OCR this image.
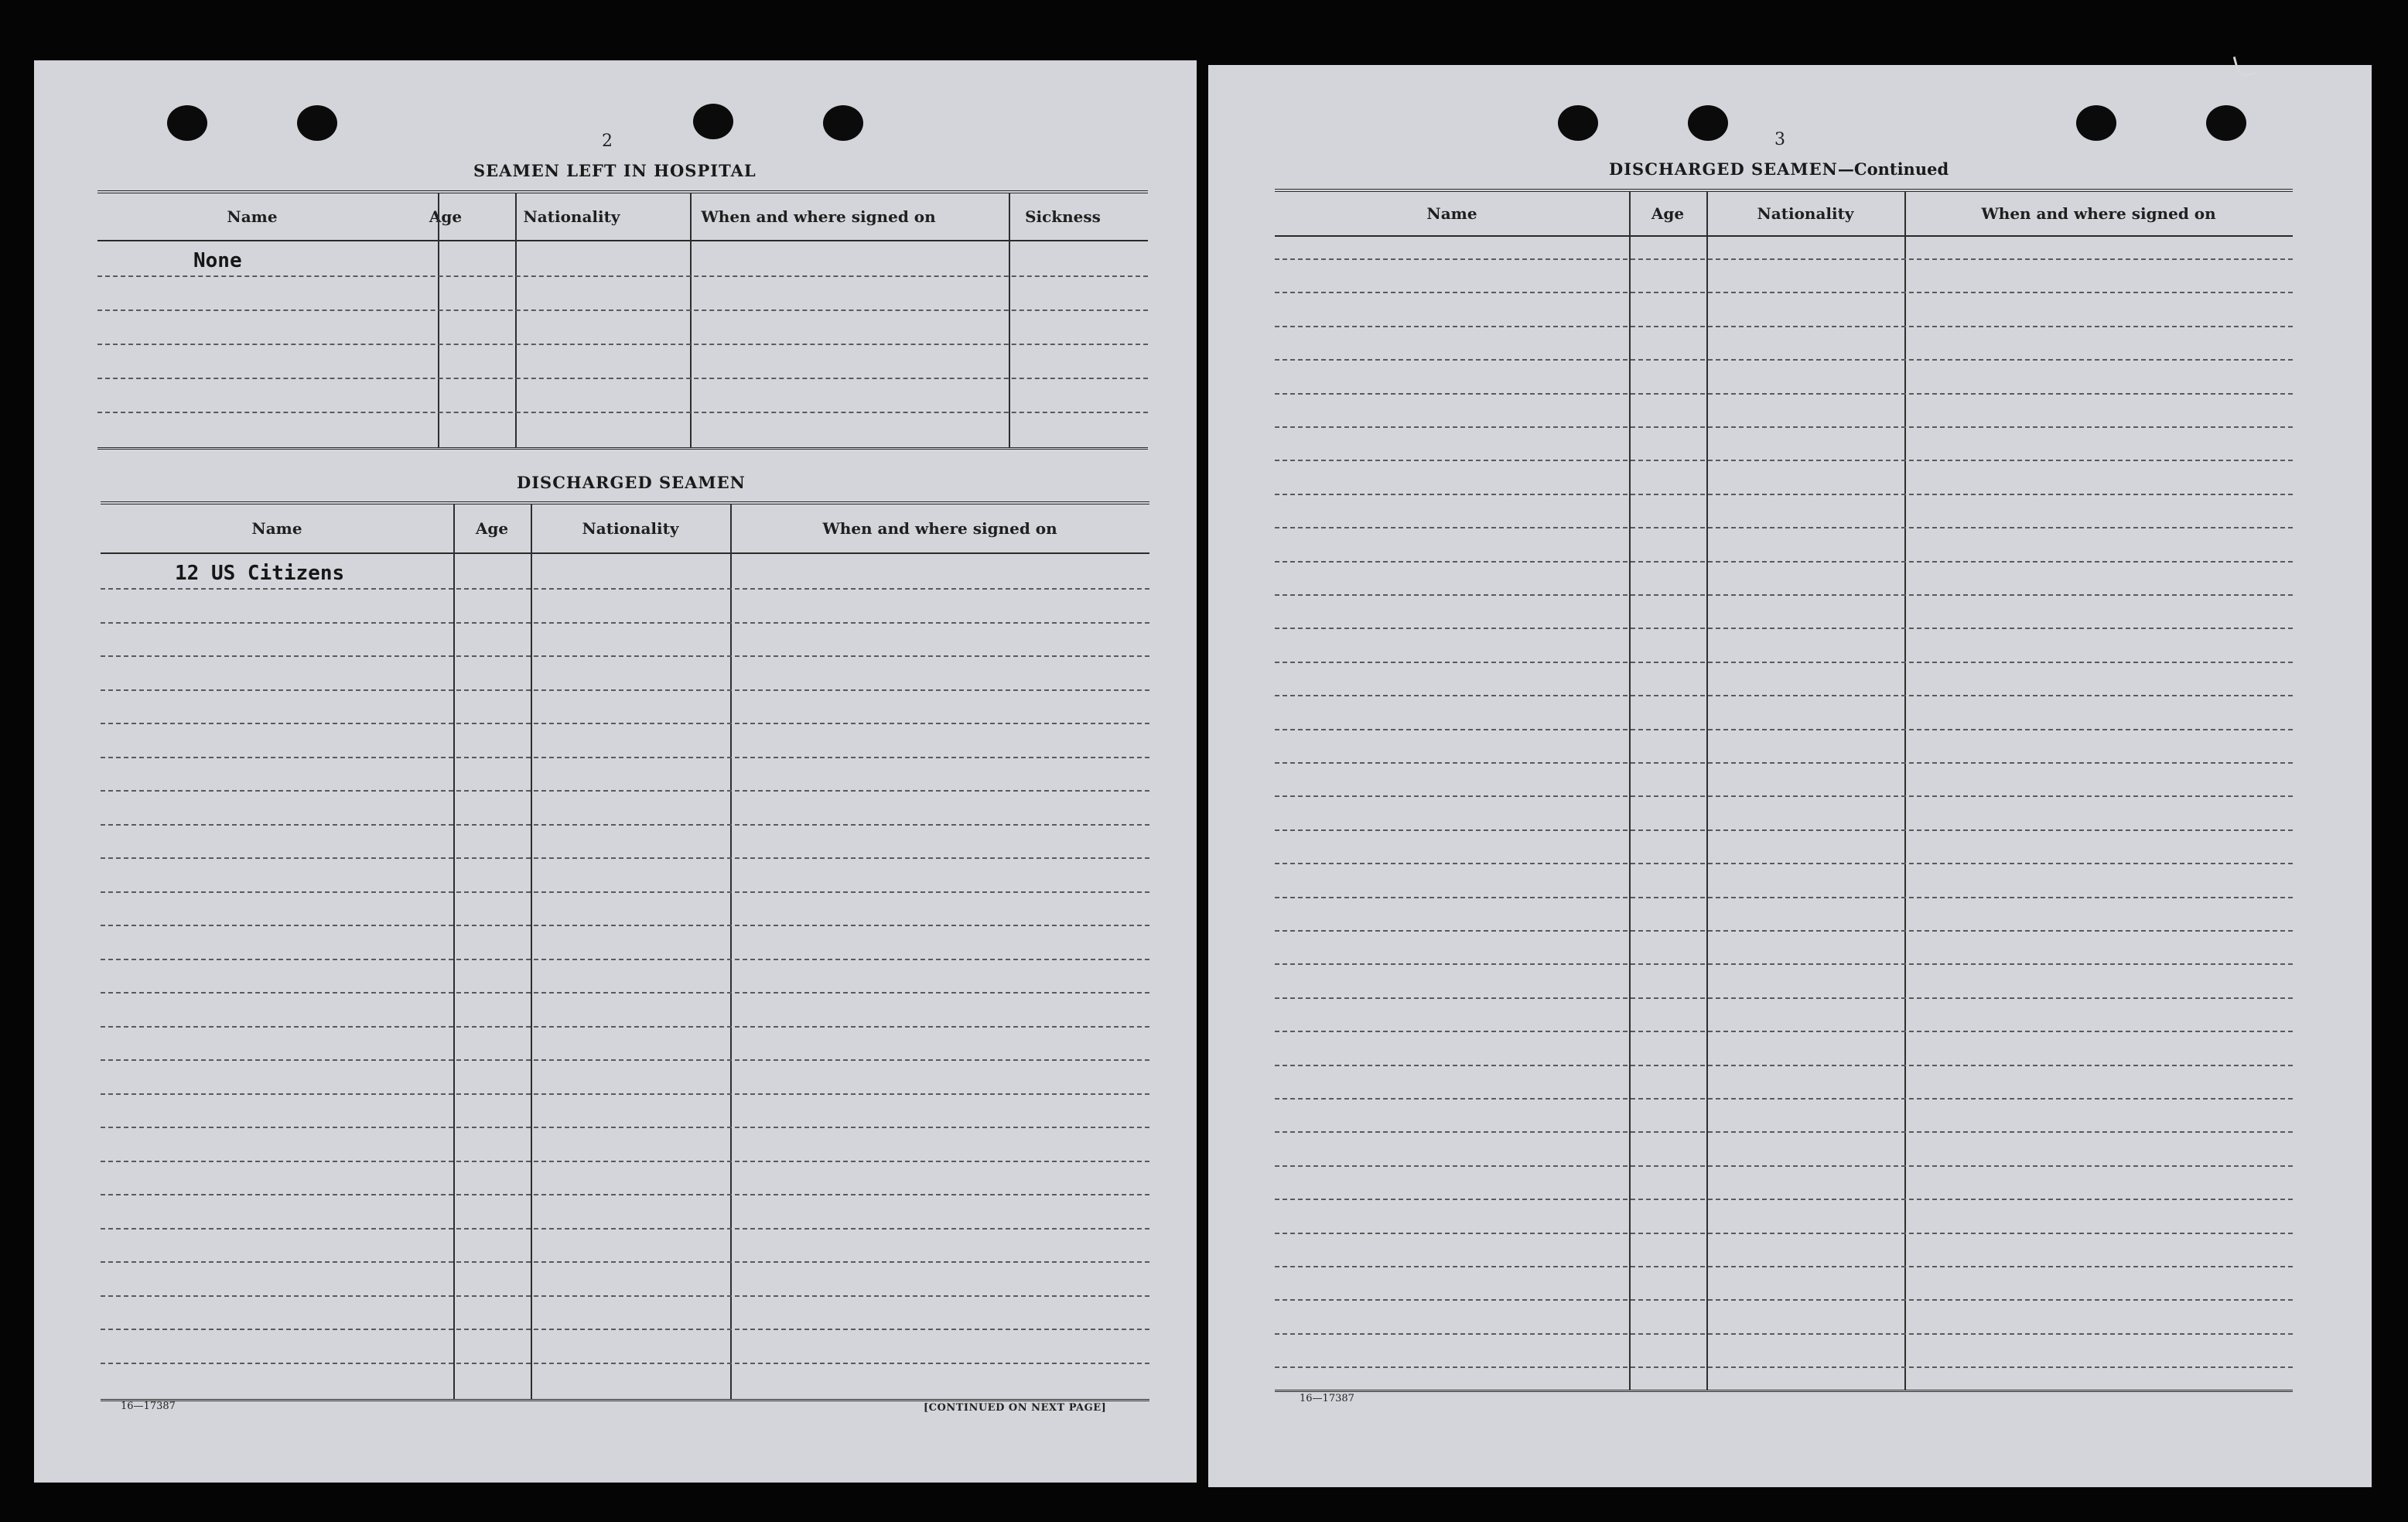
2
SEAMEN LEFT IN HOSPITAL
Name	Age	Nationality	When and where signed on	Sickness
None
DISCHARGED SEAMEN
Name	Age	Nationality	When and where signed on
12 US Citizens
16—17387	[CONTINUED ON NEXT PAGE]
3
DISCHARGED SEAMEN—Continued
Name	Age	Nationality	When and where signed on
16—17387
